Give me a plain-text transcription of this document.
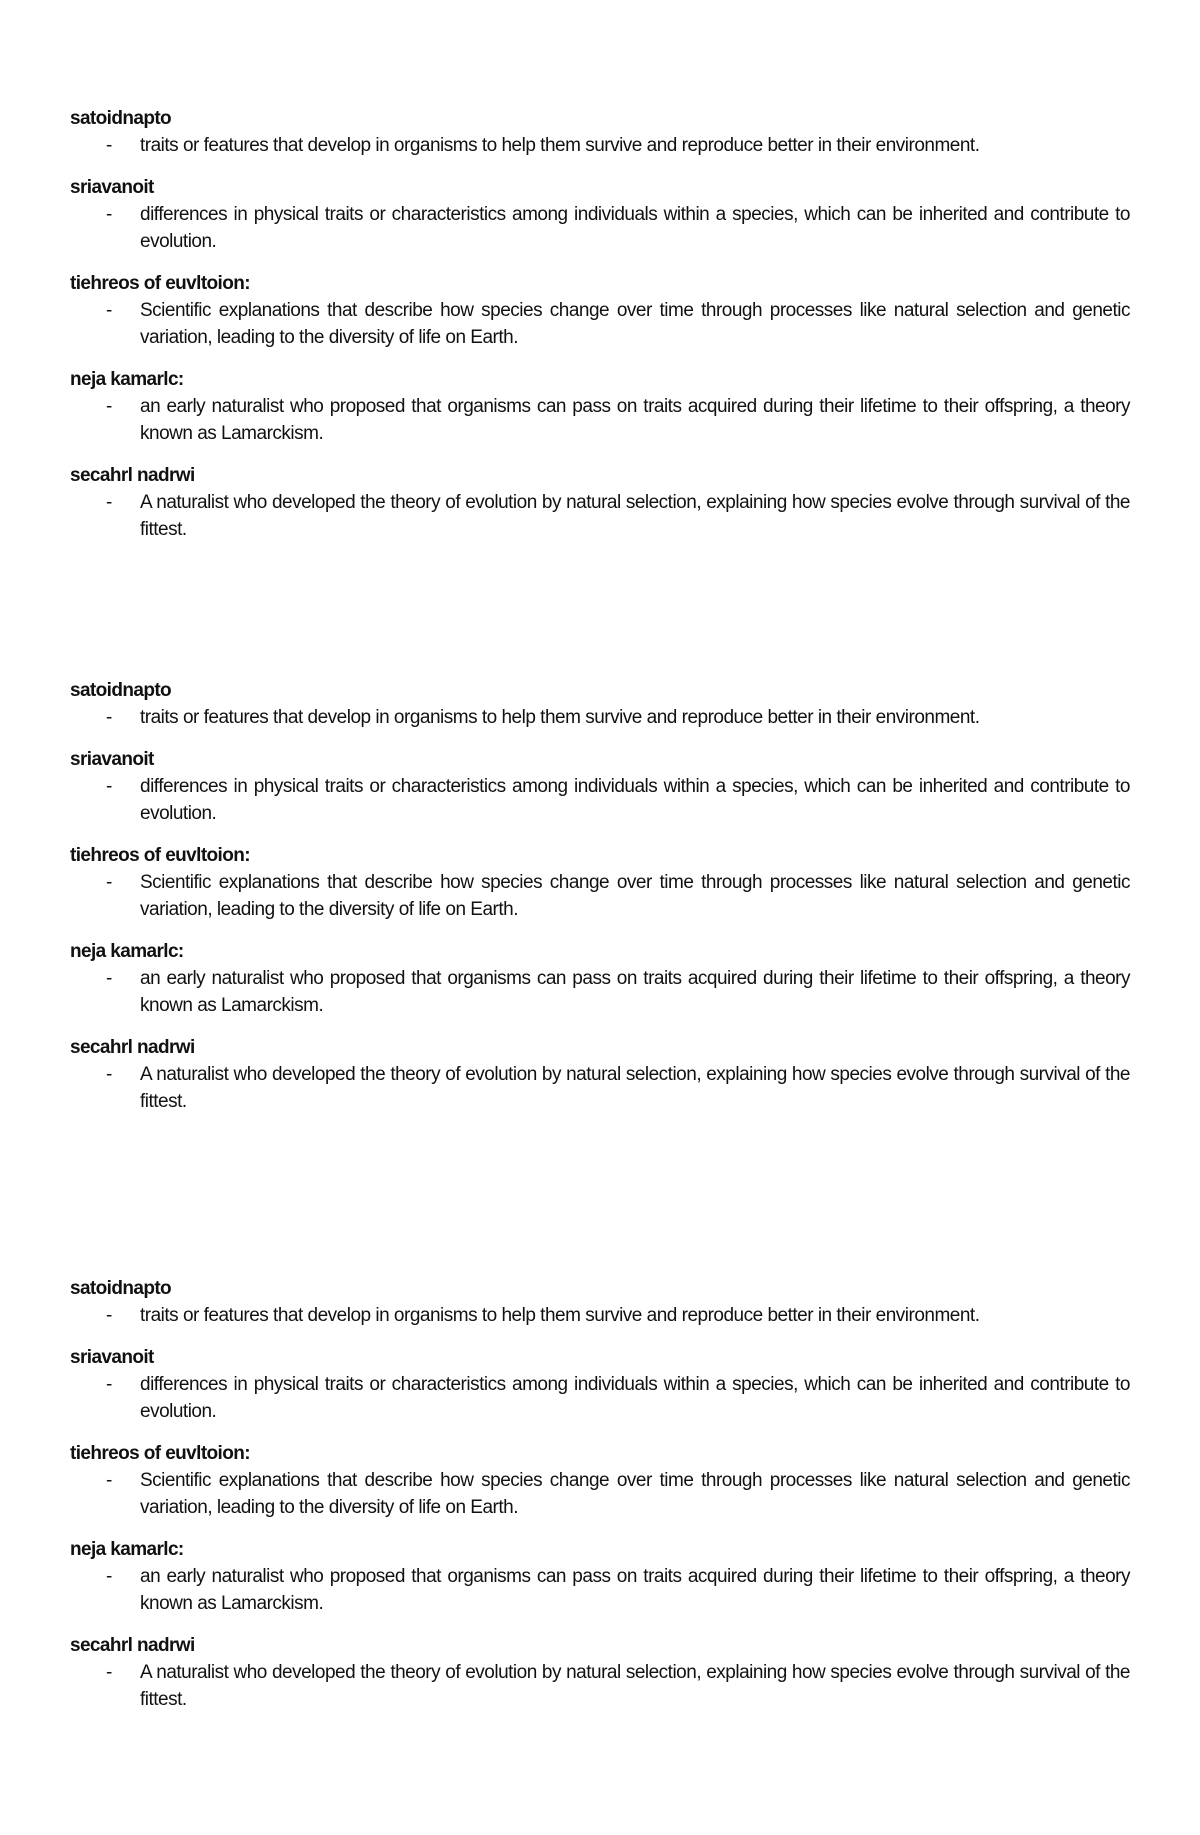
satoidnapto
- traits or features that develop in organisms to help them survive and reproduce better in their environment.
sriavanoit
- differences in physical traits or characteristics among individuals within a species, which can be inherited and contribute to evolution.
tiehreos of euvltoion:
- Scientific explanations that describe how species change over time through processes like natural selection and genetic variation, leading to the diversity of life on Earth.
neja kamarlc:
- an early naturalist who proposed that organisms can pass on traits acquired during their lifetime to their offspring, a theory known as Lamarckism.
secahrl nadrwi
- A naturalist who developed the theory of evolution by natural selection, explaining how species evolve through survival of the fittest.
satoidnapto
- traits or features that develop in organisms to help them survive and reproduce better in their environment.
sriavanoit
- differences in physical traits or characteristics among individuals within a species, which can be inherited and contribute to evolution.
tiehreos of euvltoion:
- Scientific explanations that describe how species change over time through processes like natural selection and genetic variation, leading to the diversity of life on Earth.
neja kamarlc:
- an early naturalist who proposed that organisms can pass on traits acquired during their lifetime to their offspring, a theory known as Lamarckism.
secahrl nadrwi
- A naturalist who developed the theory of evolution by natural selection, explaining how species evolve through survival of the fittest.
satoidnapto
- traits or features that develop in organisms to help them survive and reproduce better in their environment.
sriavanoit
- differences in physical traits or characteristics among individuals within a species, which can be inherited and contribute to evolution.
tiehreos of euvltoion:
- Scientific explanations that describe how species change over time through processes like natural selection and genetic variation, leading to the diversity of life on Earth.
neja kamarlc:
- an early naturalist who proposed that organisms can pass on traits acquired during their lifetime to their offspring, a theory known as Lamarckism.
secahrl nadrwi
- A naturalist who developed the theory of evolution by natural selection, explaining how species evolve through survival of the fittest.
